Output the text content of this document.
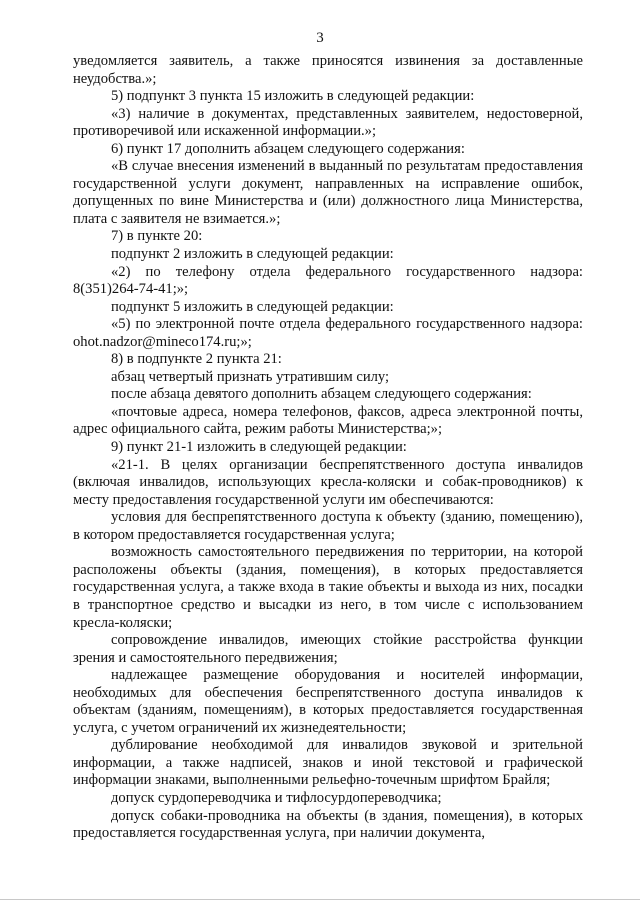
3

уведомляется заявитель, а также приносятся извинения за доставленные неудобства.»;

5) подпункт 3 пункта 15 изложить в следующей редакции:

«3) наличие в документах, представленных заявителем, недостоверной, противоречивой или искаженной информации.»;

6) пункт 17 дополнить абзацем следующего содержания:

«В случае внесения изменений в выданный по результатам предоставления государственной услуги документ, направленных на исправление ошибок, допущенных по вине Министерства и (или) должностного лица Министерства, плата с заявителя не взимается.»;

7) в пункте 20:

подпункт 2 изложить в следующей редакции:

«2) по телефону отдела федерального государственного надзора: 8(351)264-74-41;»;

подпункт 5 изложить в следующей редакции:

«5) по электронной почте отдела федерального государственного надзора: ohot.nadzor@mineco174.ru;»;

8) в подпункте 2 пункта 21:

абзац четвертый признать утратившим силу;

после абзаца девятого дополнить абзацем следующего содержания:

«почтовые адреса, номера телефонов, факсов, адреса электронной почты, адрес официального сайта, режим работы Министерства;»;

9) пункт 21-1 изложить в следующей редакции:

«21-1. В целях организации беспрепятственного доступа инвалидов (включая инвалидов, использующих кресла-коляски и собак-проводников) к месту предоставления государственной услуги им обеспечиваются:

условия для беспрепятственного доступа к объекту (зданию, помещению), в котором предоставляется государственная услуга;

возможность самостоятельного передвижения по территории, на которой расположены объекты (здания, помещения), в которых предоставляется государственная услуга, а также входа в такие объекты и выхода из них, посадки в транспортное средство и высадки из него, в том числе с использованием кресла-коляски;

сопровождение инвалидов, имеющих стойкие расстройства функции зрения и самостоятельного передвижения;

надлежащее размещение оборудования и носителей информации, необходимых для обеспечения беспрепятственного доступа инвалидов к объектам (зданиям, помещениям), в которых предоставляется государственная услуга, с учетом ограничений их жизнедеятельности;

дублирование необходимой для инвалидов звуковой и зрительной информации, а также надписей, знаков и иной текстовой и графической информации знаками, выполненными рельефно-точечным шрифтом Брайля;

допуск сурдопереводчика и тифлосурдопереводчика;

допуск собаки-проводника на объекты (в здания, помещения), в которых предоставляется государственная услуга, при наличии документа,
